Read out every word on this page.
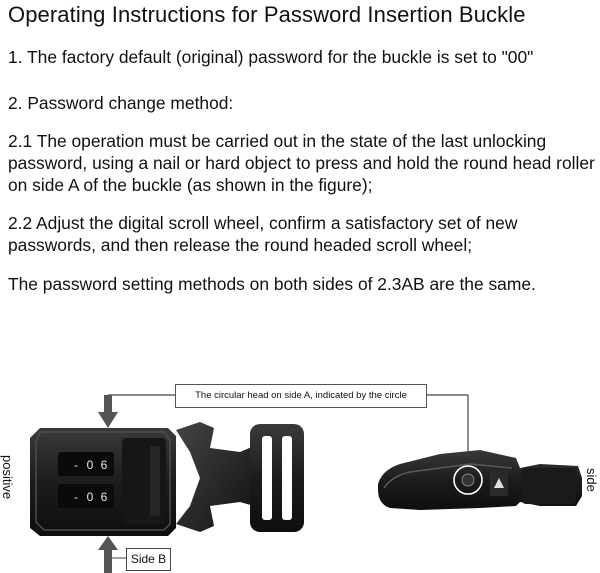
Operating Instructions for Password Insertion Buckle

1. The factory default (original) password for the buckle is set to "00"

2. Password change method:

2.1 The operation must be carried out in the state of the last unlocking password, using a nail or hard object to press and hold the round head roller on side A of the buckle (as shown in the figure);

2.2 Adjust the digital scroll wheel, confirm a satisfactory set of new passwords, and then release the round headed scroll wheel;

The password setting methods on both sides of 2.3AB are the same.

- 0 6
- 0 6
The circular head on side A, indicated by the circle
Side B
positive	side
